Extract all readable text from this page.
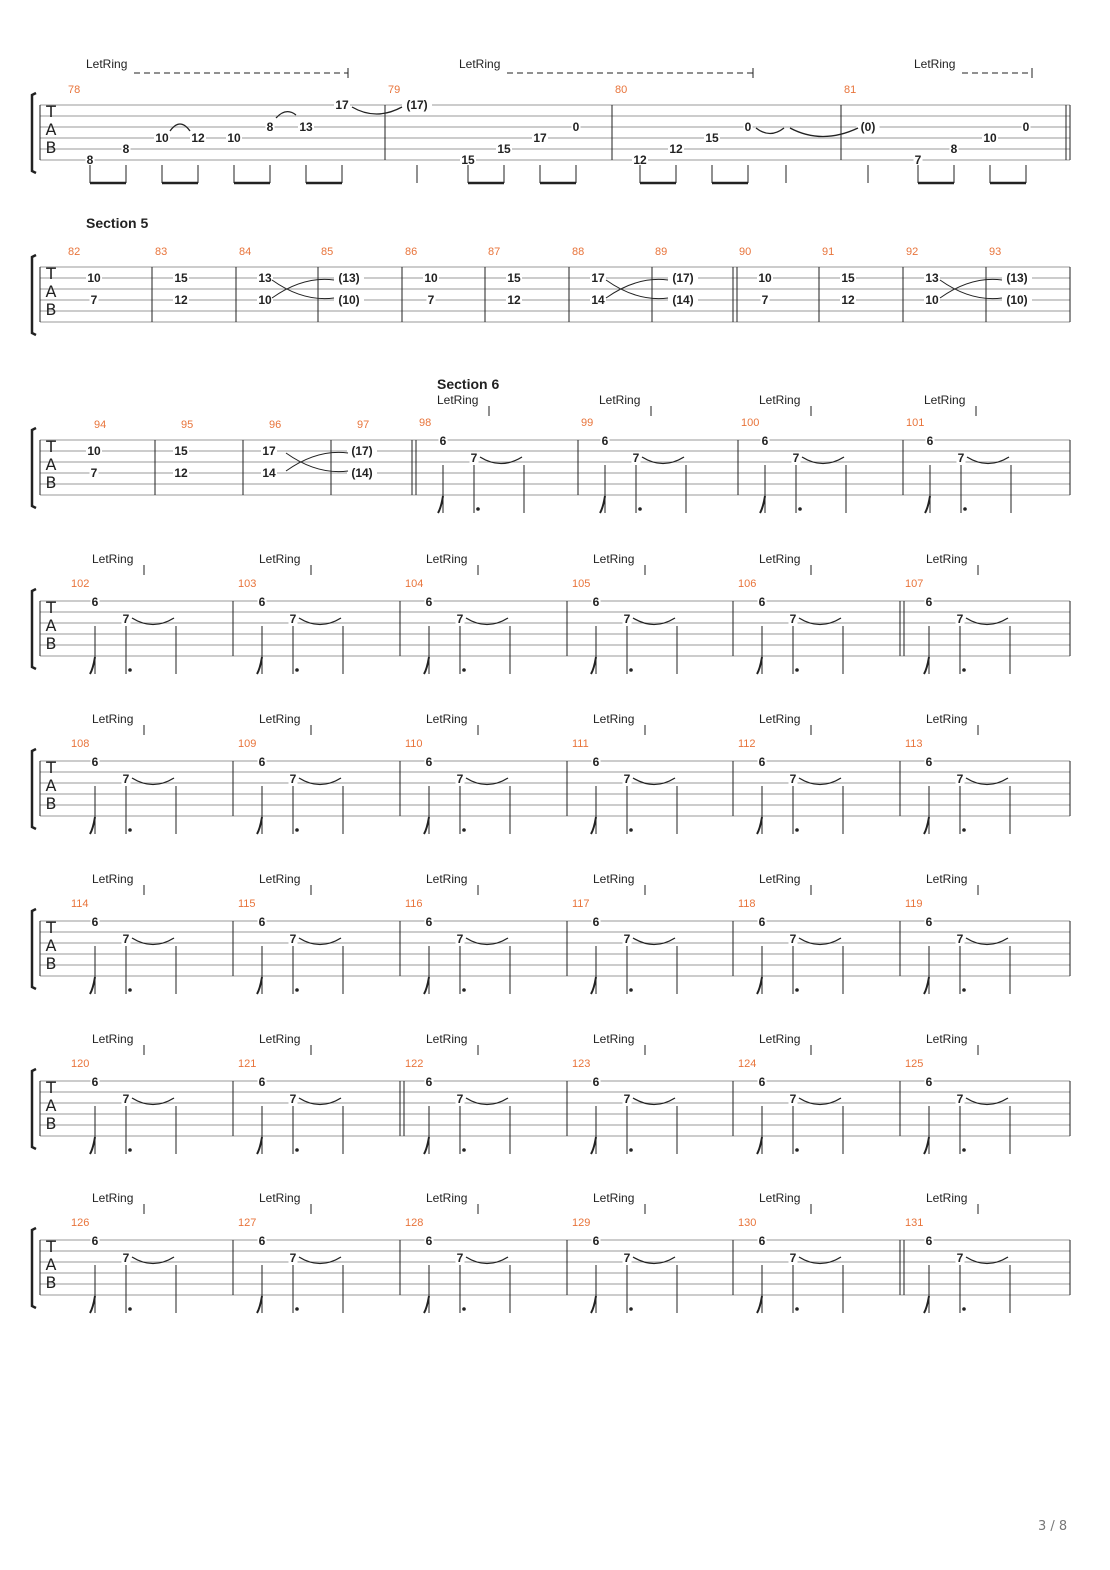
T
A
B
LetRing	LetRing	LetRing
78	79	80	81
8
8
10 12 10
8 13
17	(17)
15
15
17
0
12
12
15
0	(0)
7
8
10
0
Section 5
T
A
B
82
10
7
83
15
12
84
13
10
85
(13)
(10)
86
10
7
87
15
12
88
17
14
89
(17)
(14)
90
10
7
91
15
12
92
13
10
93
(13)
(10)
Section 6
T
A
B
94
10
7
95
15
12
96
17
14
97
(17)
(14)
98
6
7
LetRing
99
6
7
LetRing
100
6
7
LetRing
101
6
7
LetRing
T
A
B
102
6
7
LetRing
103
6
7
LetRing
104
6
7
LetRing
105
6
7
LetRing
106
6
7
LetRing
107
6
7
LetRing
T
A
B
108
6
7
LetRing
109
6
7
LetRing
110
6
7
LetRing
111
6
7
LetRing
112
6
7
LetRing
113
6
7
LetRing
T
A
B
114
6
7
LetRing
115
6
7
LetRing
116
6
7
LetRing
117
6
7
LetRing
118
6
7
LetRing
119
6
7
LetRing
T
A
B
120
6
7
LetRing
121
6
7
LetRing
122
6
7
LetRing
123
6
7
LetRing
124
6
7
LetRing
125
6
7
LetRing
T
A
B
126
6
7
LetRing
127
6
7
LetRing
128
6
7
LetRing
129
6
7
LetRing
130
6
7
LetRing
131
6
7
LetRing
3 / 8
